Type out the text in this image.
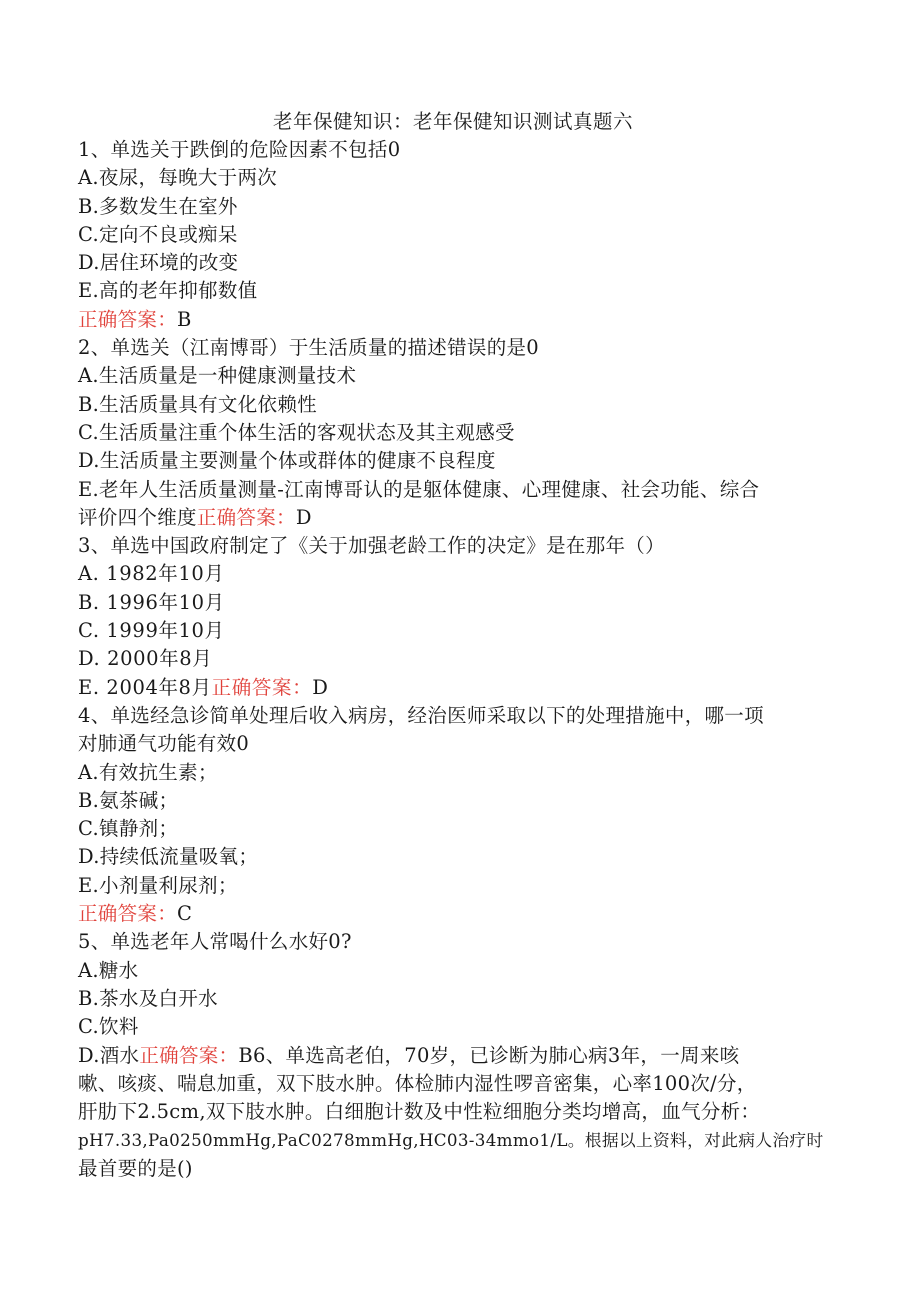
老年保健知识：老年保健知识测试真题六
1、单选关于跌倒的危险因素不包括0
A.夜尿，每晚大于两次
B.多数发生在室外
C.定向不良或痴呆
D.居住环境的改变
E.高的老年抑郁数值
正确答案：B
2、单选关（江南博哥）于生活质量的描述错误的是0
A.生活质量是一种健康测量技术
B.生活质量具有文化依赖性
C.生活质量注重个体生活的客观状态及其主观感受
D.生活质量主要测量个体或群体的健康不良程度
E.老年人生活质量测量-江南博哥认的是躯体健康、心理健康、社会功能、综合
评价四个维度正确答案：D
3、单选中国政府制定了《关于加强老龄工作的决定》是在那年（）
A. 1982年10月
B. 1996年10月
C. 1999年10月
D. 2000年8月
E. 2004年8月正确答案：D
4、单选经急诊简单处理后收入病房，经治医师采取以下的处理措施中，哪一项
对肺通气功能有效0
A.有效抗生素；
B.氨茶碱；
C.镇静剂；
D.持续低流量吸氧；
E.小剂量利尿剂；
正确答案：C
5、单选老年人常喝什么水好0?
A.糖水
B.茶水及白开水
C.饮料
D.酒水正确答案：B6、单选高老伯，70岁，已诊断为肺心病3年，一周来咳
嗽、咳痰、喘息加重，双下肢水肿。体检肺内湿性啰音密集，心率100次/分，
肝肋下2.5cm,双下肢水肿。白细胞计数及中性粒细胞分类均增高，血气分析：
pH7.33,Pa0250mmHg,PaC0278mmHg,HC03-34mmo1/L。根据以上资料，对此病人治疗时
最首要的是()
